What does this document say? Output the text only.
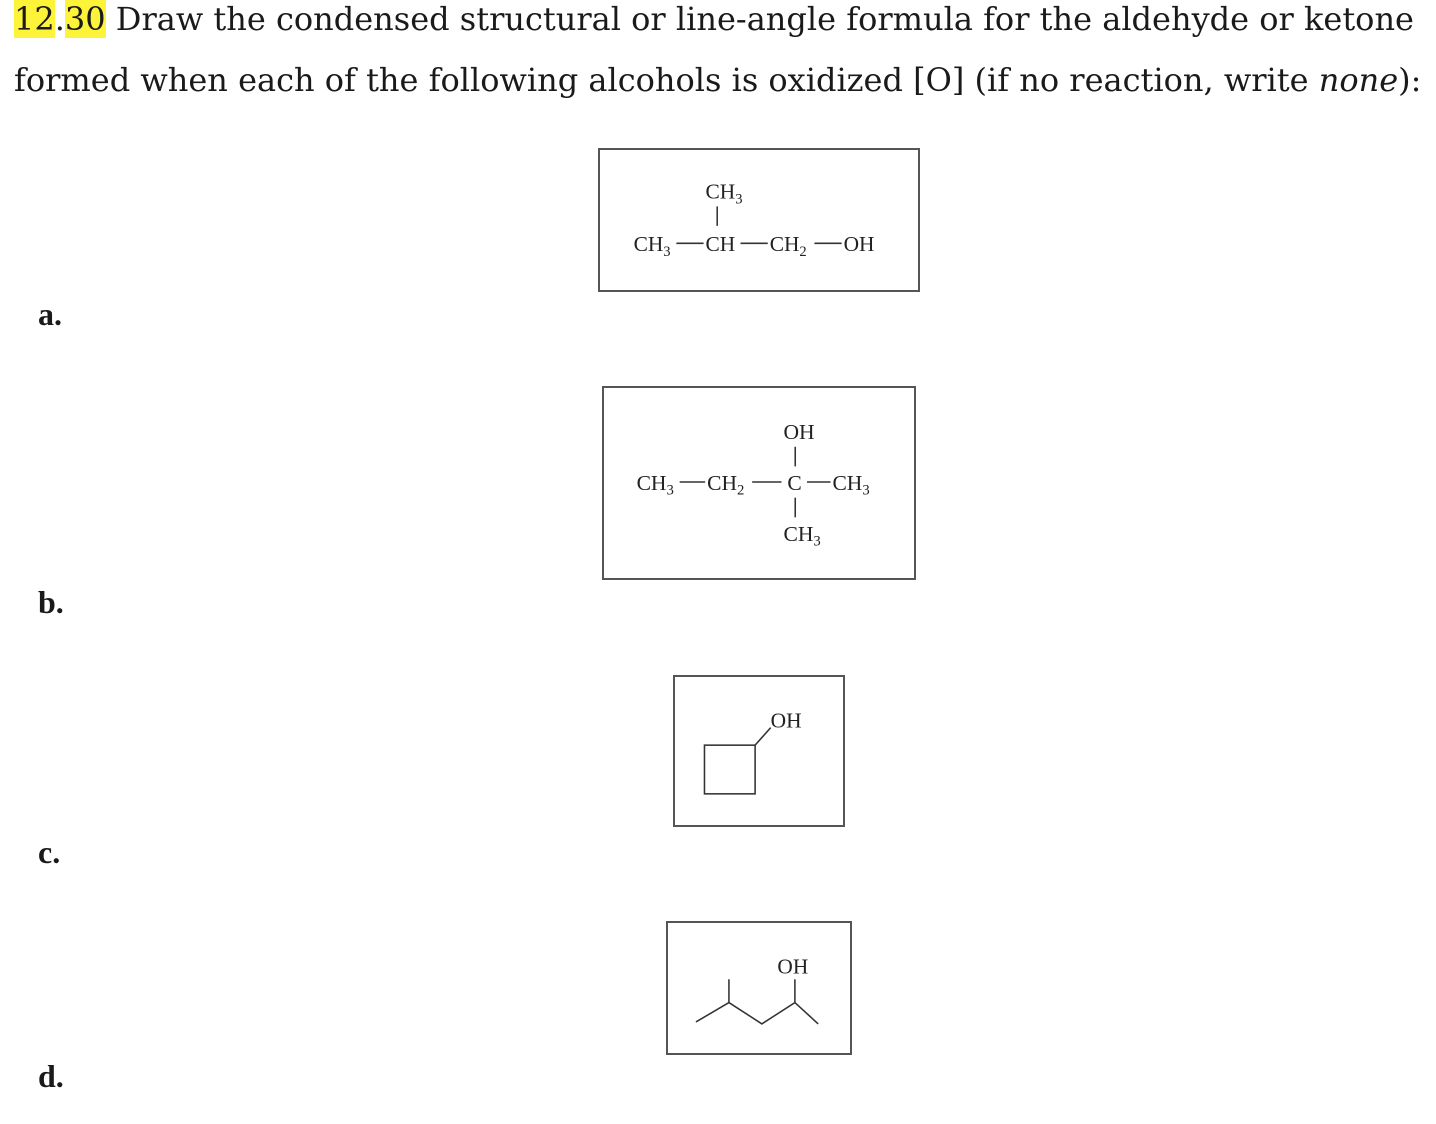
12.30 Draw the condensed structural or line-angle formula for the aldehyde or ketone
formed when each of the following alcohols is oxidized [O] (if no reaction, write none):
$CH_3$
$CH_3$ CH $CH_2$ OH
a.
OH
$CH_3$ $CH_2$ C $CH_3$
$CH_3$
b.
OH
c.
OH
d.
